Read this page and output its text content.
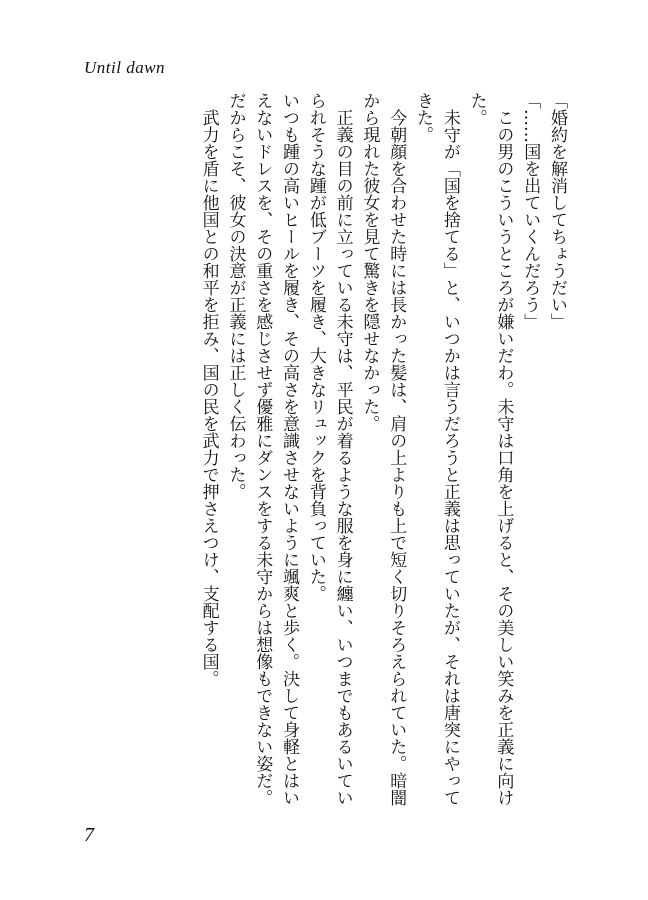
Until dawn

「婚約を解消してちょうだい」

「……国を出ていくんだろう」

この男のこういうところが嫌いだわ。未守は口角を上げると、その美しい笑みを正義に向けた。

未守が「国を捨てる」と、いつかは言うだろうと正義は思っていたが、それは唐突にやってきた。

今朝顔を合わせた時には長かった髪は、肩の上よりも上で短く切りそろえられていた。暗闇から現れた彼女を見て驚きを隠せなかった。

正義の目の前に立っている未守は、平民が着るような服を身に纏い、いつまでもあるいていられそうな踵が低ブーツを履き、大きなリュックを背負っていた。

いつも踵の高いヒールを履き、その高さを意識させないように颯爽と歩く。決して身軽とはいえないドレスを、その重さを感じさせず優雅にダンスをする未守からは想像もできない姿だ。だからこそ、彼女の決意が正義には正しく伝わった。

武力を盾に他国との和平を拒み、国の民を武力で押さえつけ、支配する国。

7
